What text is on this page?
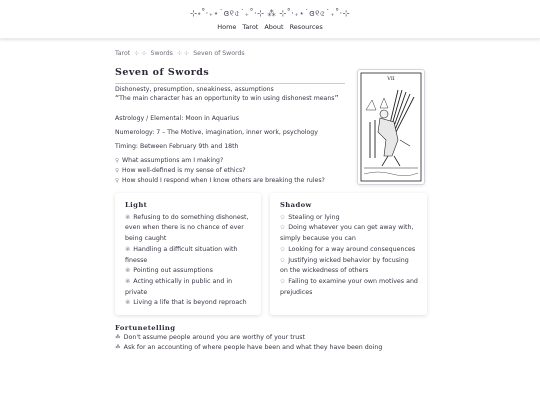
⊹˖˚‧₊⋆˙ɞ୧৫˙₊˚‧⊹ ⁂ ⊹˚‧₊⋆˙ɞ୧৫˙₊˚‧⊹
Home Tarot About Resources
Tarot ⊹ ⊹ Swords ⊹ ⊹ Seven of Swords
Seven of Swords
VII
Dishonesty, presumption, sneakiness, assumptions
“The main character has an opportunity to win using dishonest means”
Astrology / Elemental: Moon in Aquarius
Numerology: 7 – The Motive, imagination, inner work, psychology
Timing: Between February 9th and 18th
♀ What assumptions am I making?
♀ How well-defined is my sense of ethics?
♀ How should I respond when I know others are breaking the rules?
Light
❀ Refusing to do something dishonest, even when there is no chance of ever being caught
❀ Handling a difficult situation with finesse
❀ Pointing out assumptions
❀ Acting ethically in public and in private
❀ Living a life that is beyond reproach
Shadow
✩ Stealing or lying
✩ Doing whatever you can get away with, simply because you can
✩ Looking for a way around consequences
✩ Justifying wicked behavior by focusing on the wickedness of others
✩ Failing to examine your own motives and prejudices
Fortunetelling
☘ Don't assume people around you are worthy of your trust
☘ Ask for an accounting of where people have been and what they have been doing
